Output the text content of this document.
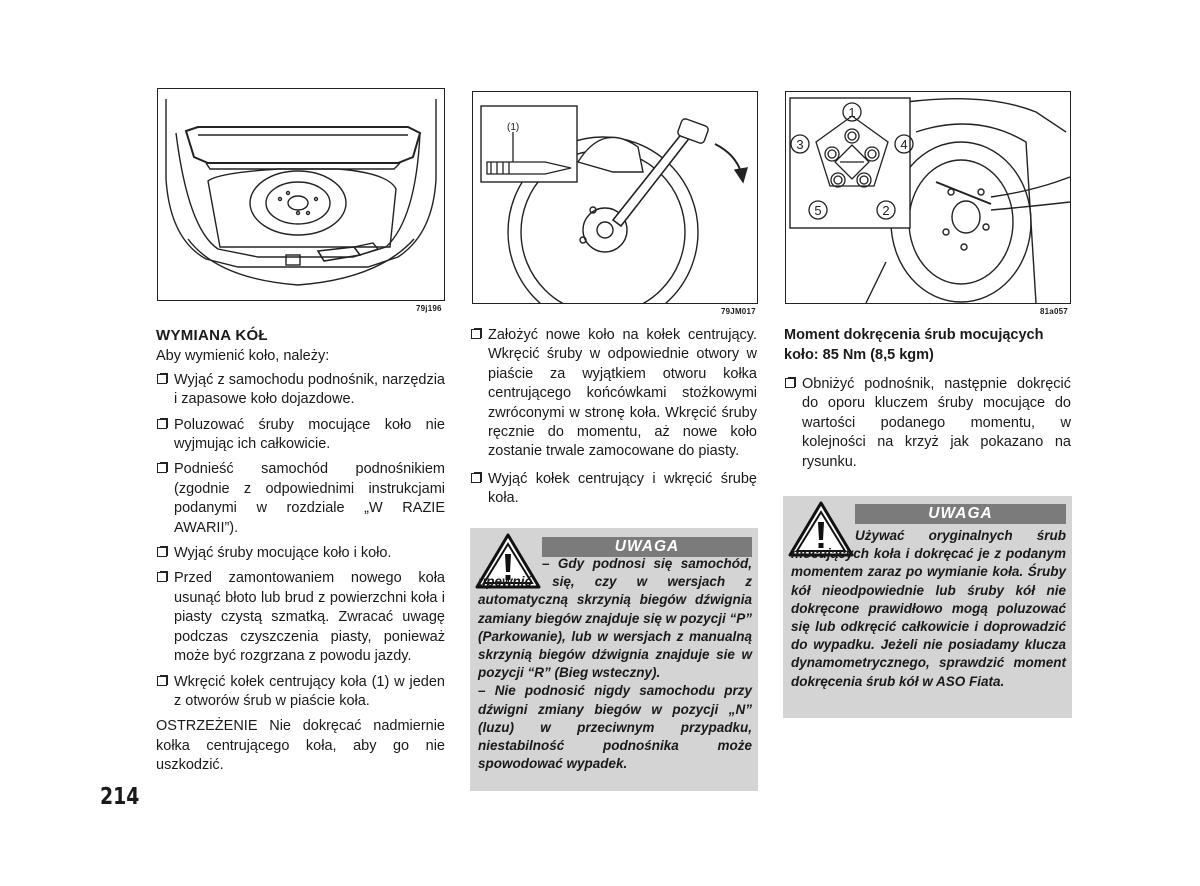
79j196
(1)
79JM017
1
2
3	4
5
81a057

WYMIANA KÓŁ

Aby wymienić koło, należy:

Wyjąć z samochodu podnośnik, narzędzia i zapasowe koło dojazdowe.
Poluzować śruby mocujące koło nie wyjmując ich całkowicie.
Podnieść samochód podnośnikiem (zgodnie z odpowiednimi instrukcjami podanymi w rozdziale „W RAZIE AWARII”).
Wyjąć śruby mocujące koło i koło.
Przed zamontowaniem nowego koła usunąć błoto lub brud z powierzchni koła i piasty czystą szmatką. Zwracać uwagę podczas czyszczenia piasty, ponieważ może być rozgrzana z powodu jazdy.
Wkręcić kołek centrujący koła (1) w jeden z otworów śrub w piaście koła.

OSTRZEŻENIE Nie dokręcać nadmiernie kołka centrującego koła, aby go nie uszkodzić.

Założyć nowe koło na kołek centrujący. Wkręcić śruby w odpowiednie otwory w piaście za wyjątkiem otworu kołka centrującego końcówkami stożkowymi zwróconymi w stronę koła. Wkręcić śruby ręcznie do momentu, aż nowe koło zostanie trwale zamocowane do piasty.
Wyjąć kołek centrujący i wkręcić śrubę koła.
UWAGA

– Gdy podnosi się samochód, upewnić się, czy w wersjach z automatyczną skrzynią biegów dźwignia zamiany biegów znajduje się w pozycji “P” (Parkowanie), lub w wersjach z manualną skrzynią biegów dźwignia znajduje sie w pozycji “R” (Bieg wsteczny).

– Nie podnosić nigdy samochodu przy dźwigni zmiany biegów w pozycji „N” (luzu) w przeciwnym przypadku, niestabilność podnośnika może spowodować wypadek.

Moment dokręcenia śrub mocujących koło: 85 Nm (8,5 kgm)

Obniżyć podnośnik, następnie dokręcić do oporu kluczem śruby mocujące do wartości podanego momentu, w kolejności na krzyż jak pokazano na rysunku.
UWAGA

Używać oryginalnych śrub mocujących koła i dokręcać je z podanym momentem zaraz po wymianie koła. Śruby kół nieodpowiednie lub śruby kół nie dokręcone prawidłowo mogą poluzować się lub odkręcić całkowicie i doprowadzić do wypadku. Jeżeli nie posiadamy klucza dynamometrycznego, sprawdzić moment dokręcenia śrub kół w ASO Fiata.

214
